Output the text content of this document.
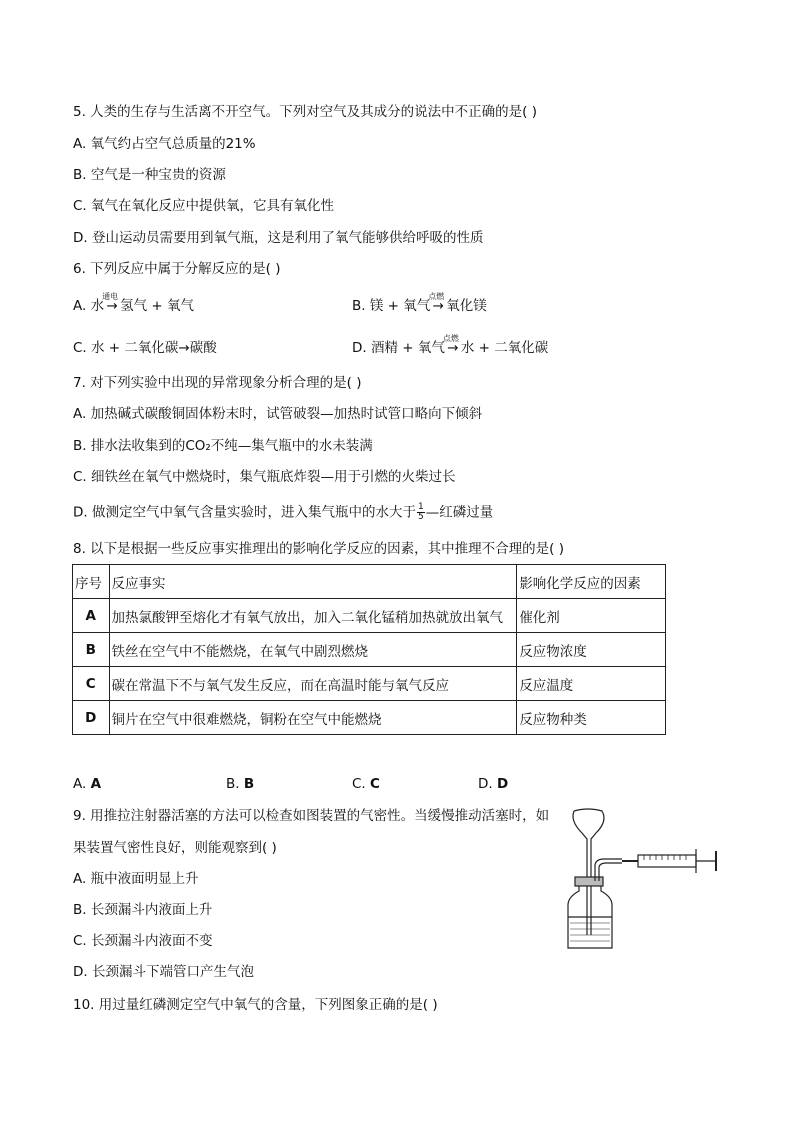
5. 人类的生存与生活离不开空气。下列对空气及其成分的说法中不正确的是( )
A. 氧气约占空气总质量的21%
B. 空气是一种宝贵的资源
C. 氧气在氧化反应中提供氧，它具有氧化性
D. 登山运动员需要用到氧气瓶，这是利用了氧气能够供给呼吸的性质
6. 下列反应中属于分解反应的是( )
A. 水
通电
→ 氢气 + 氧气	B. 镁 + 氧气
点燃
→ 氧化镁
C. 水 + 二氧化碳→碳酸	D. 酒精 + 氧气
点燃
→ 水 + 二氧化碳
7. 对下列实验中出现的异常现象分析合理的是( )
A. 加热碱式碳酸铜固体粉末时，试管破裂—加热时试管口略向下倾斜
B. 排水法收集到的CO₂不纯—集气瓶中的水未装满
C. 细铁丝在氧气中燃烧时，集气瓶底炸裂—用于引燃的火柴过长
D. 做测定空气中氧气含量实验时，进入集气瓶中的水大于 $\frac{1}{5}$ —红磷过量
8. 以下是根据一些反应事实推理出的影响化学反应的因素，其中推理不合理的是( )
序号	反应事实	影响化学反应的因素
A	加热氯酸钾至熔化才有氧气放出，加入二氧化锰稍加热就放出氧气	催化剂
B	铁丝在空气中不能燃烧，在氧气中剧烈燃烧	反应物浓度
C	碳在常温下不与氧气发生反应，而在高温时能与氧气反应	反应温度
D	铜片在空气中很难燃烧，铜粉在空气中能燃烧	反应物种类
A. A	B. B	C. C	D. D
9. 用推拉注射器活塞的方法可以检查如图装置的气密性。当缓慢推动活塞时，如
果装置气密性良好，则能观察到( )
A. 瓶中液面明显上升
B. 长颈漏斗内液面上升
C. 长颈漏斗内液面不变
D. 长颈漏斗下端管口产生气泡
10. 用过量红磷测定空气中氧气的含量，下列图象正确的是( )
